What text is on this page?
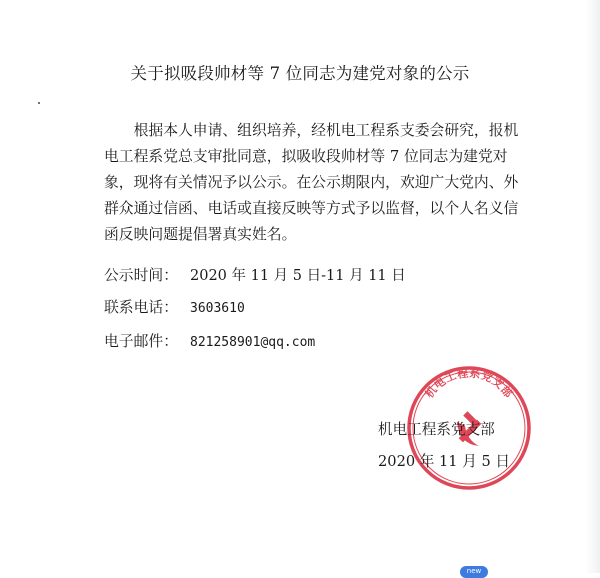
关于拟吸段帅材等 7 位同志为建党对象的公示
根据本人申请、组织培养，经机电工程系支委会研究，报机电工程系党总支审批同意，拟吸收段帅材等 7 位同志为建党对象，现将有关情况予以公示。在公示期限内，欢迎广大党内、外群众通过信函、电话或直接反映等方式予以监督，以个人名义信函反映问题提倡署真实姓名。
公示时间： 2020 年 11 月 5 日-11 月 11 日
联系电话： 3603610
电子邮件： 821258901@qq.com
机电工程系党支部
机电工程系党支部
2020 年 11 月 5 日
new
